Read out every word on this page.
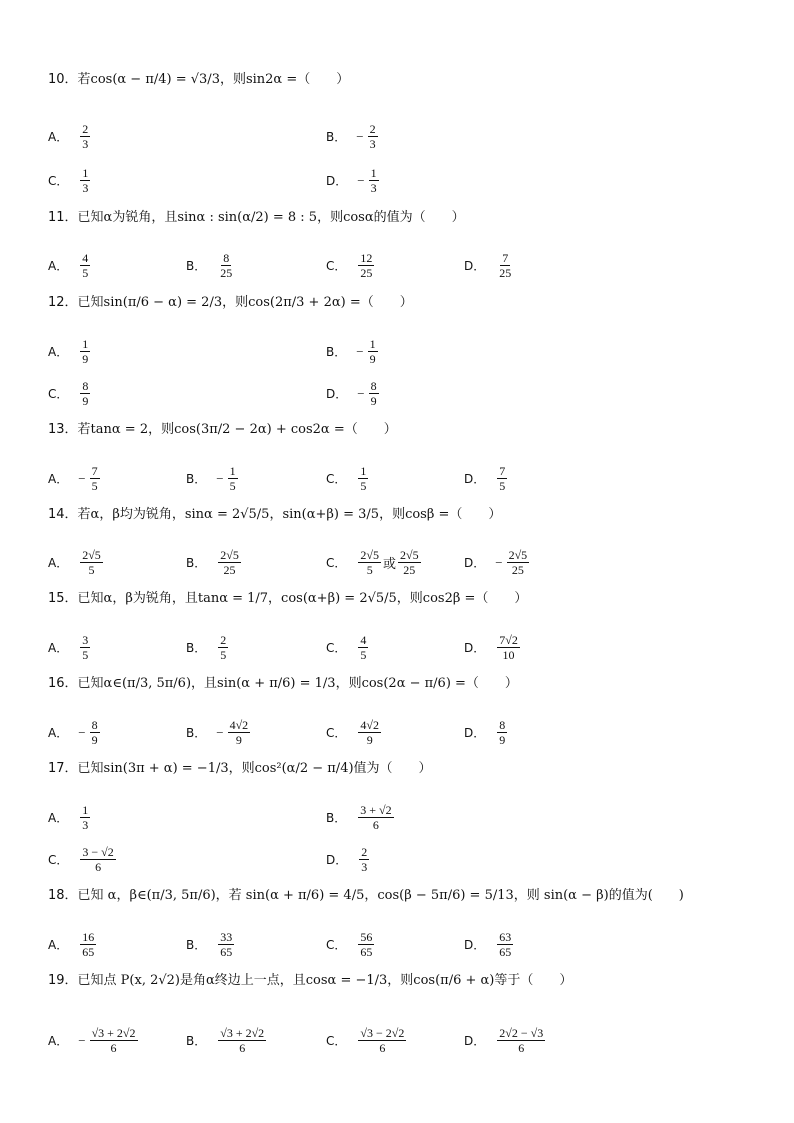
10．若cos(α − π/4) = √3/3，则sin2α =（　　）
A． $\frac{2}{3}$	B． − $\frac{2}{3}$
C． $\frac{1}{3}$	D． − $\frac{1}{3}$
11．已知α为锐角，且sinα : sin(α/2) = 8 : 5，则cosα的值为（　　）
A． $\frac{4}{5}$	B． $\frac{8}{25}$	C． $\frac{12}{25}$	D． $\frac{7}{25}$
12．已知sin(π/6 − α) = 2/3，则cos(2π/3 + 2α) =（　　）
A． $\frac{1}{9}$	B． − $\frac{1}{9}$
C． $\frac{8}{9}$	D． − $\frac{8}{9}$
13．若tanα = 2，则cos(3π/2 − 2α) + cos2α =（　　）
A． − $\frac{7}{5}$	B． − $\frac{1}{5}$	C． $\frac{1}{5}$	D． $\frac{7}{5}$
14．若α，β均为锐角，sinα = 2√5/5，sin(α+β) = 3/5，则cosβ =（　　）
A． $\frac{2√5}{5}$	B． $\frac{2√5}{25}$	C． $\frac{2√5}{5}$ 或 $\frac{2√5}{25}$	D． − $\frac{2√5}{25}$
15．已知α，β为锐角，且tanα = 1/7，cos(α+β) = 2√5/5，则cos2β =（　　）
A． $\frac{3}{5}$	B． $\frac{2}{5}$	C． $\frac{4}{5}$	D． $\frac{7√2}{10}$
16．已知α∈(π/3, 5π/6)，且sin(α + π/6) = 1/3，则cos(2α − π/6) =（　　）
A． − $\frac{8}{9}$	B． − $\frac{4√2}{9}$	C． $\frac{4√2}{9}$	D． $\frac{8}{9}$
17．已知sin(3π + α) = −1/3，则cos²(α/2 − π/4)值为（　　）
A． $\frac{1}{3}$	B． $\frac{3 + √2}{6}$
C． $\frac{3 - √2}{6}$	D． $\frac{2}{3}$
18．已知 α，β∈(π/3, 5π/6)，若 sin(α + π/6) = 4/5，cos(β − 5π/6) = 5/13，则 sin(α − β)的值为(　　)
A． $\frac{16}{65}$	B． $\frac{33}{65}$	C． $\frac{56}{65}$	D． $\frac{63}{65}$
19．已知点 P(x, 2√2)是角α终边上一点，且cosα = −1/3，则cos(π/6 + α)等于（　　）
A． − $\frac{√3 + 2√2}{6}$	B． $\frac{√3 + 2√2}{6}$	C． $\frac{√3 - 2√2}{6}$	D． $\frac{2√2 - √3}{6}$
